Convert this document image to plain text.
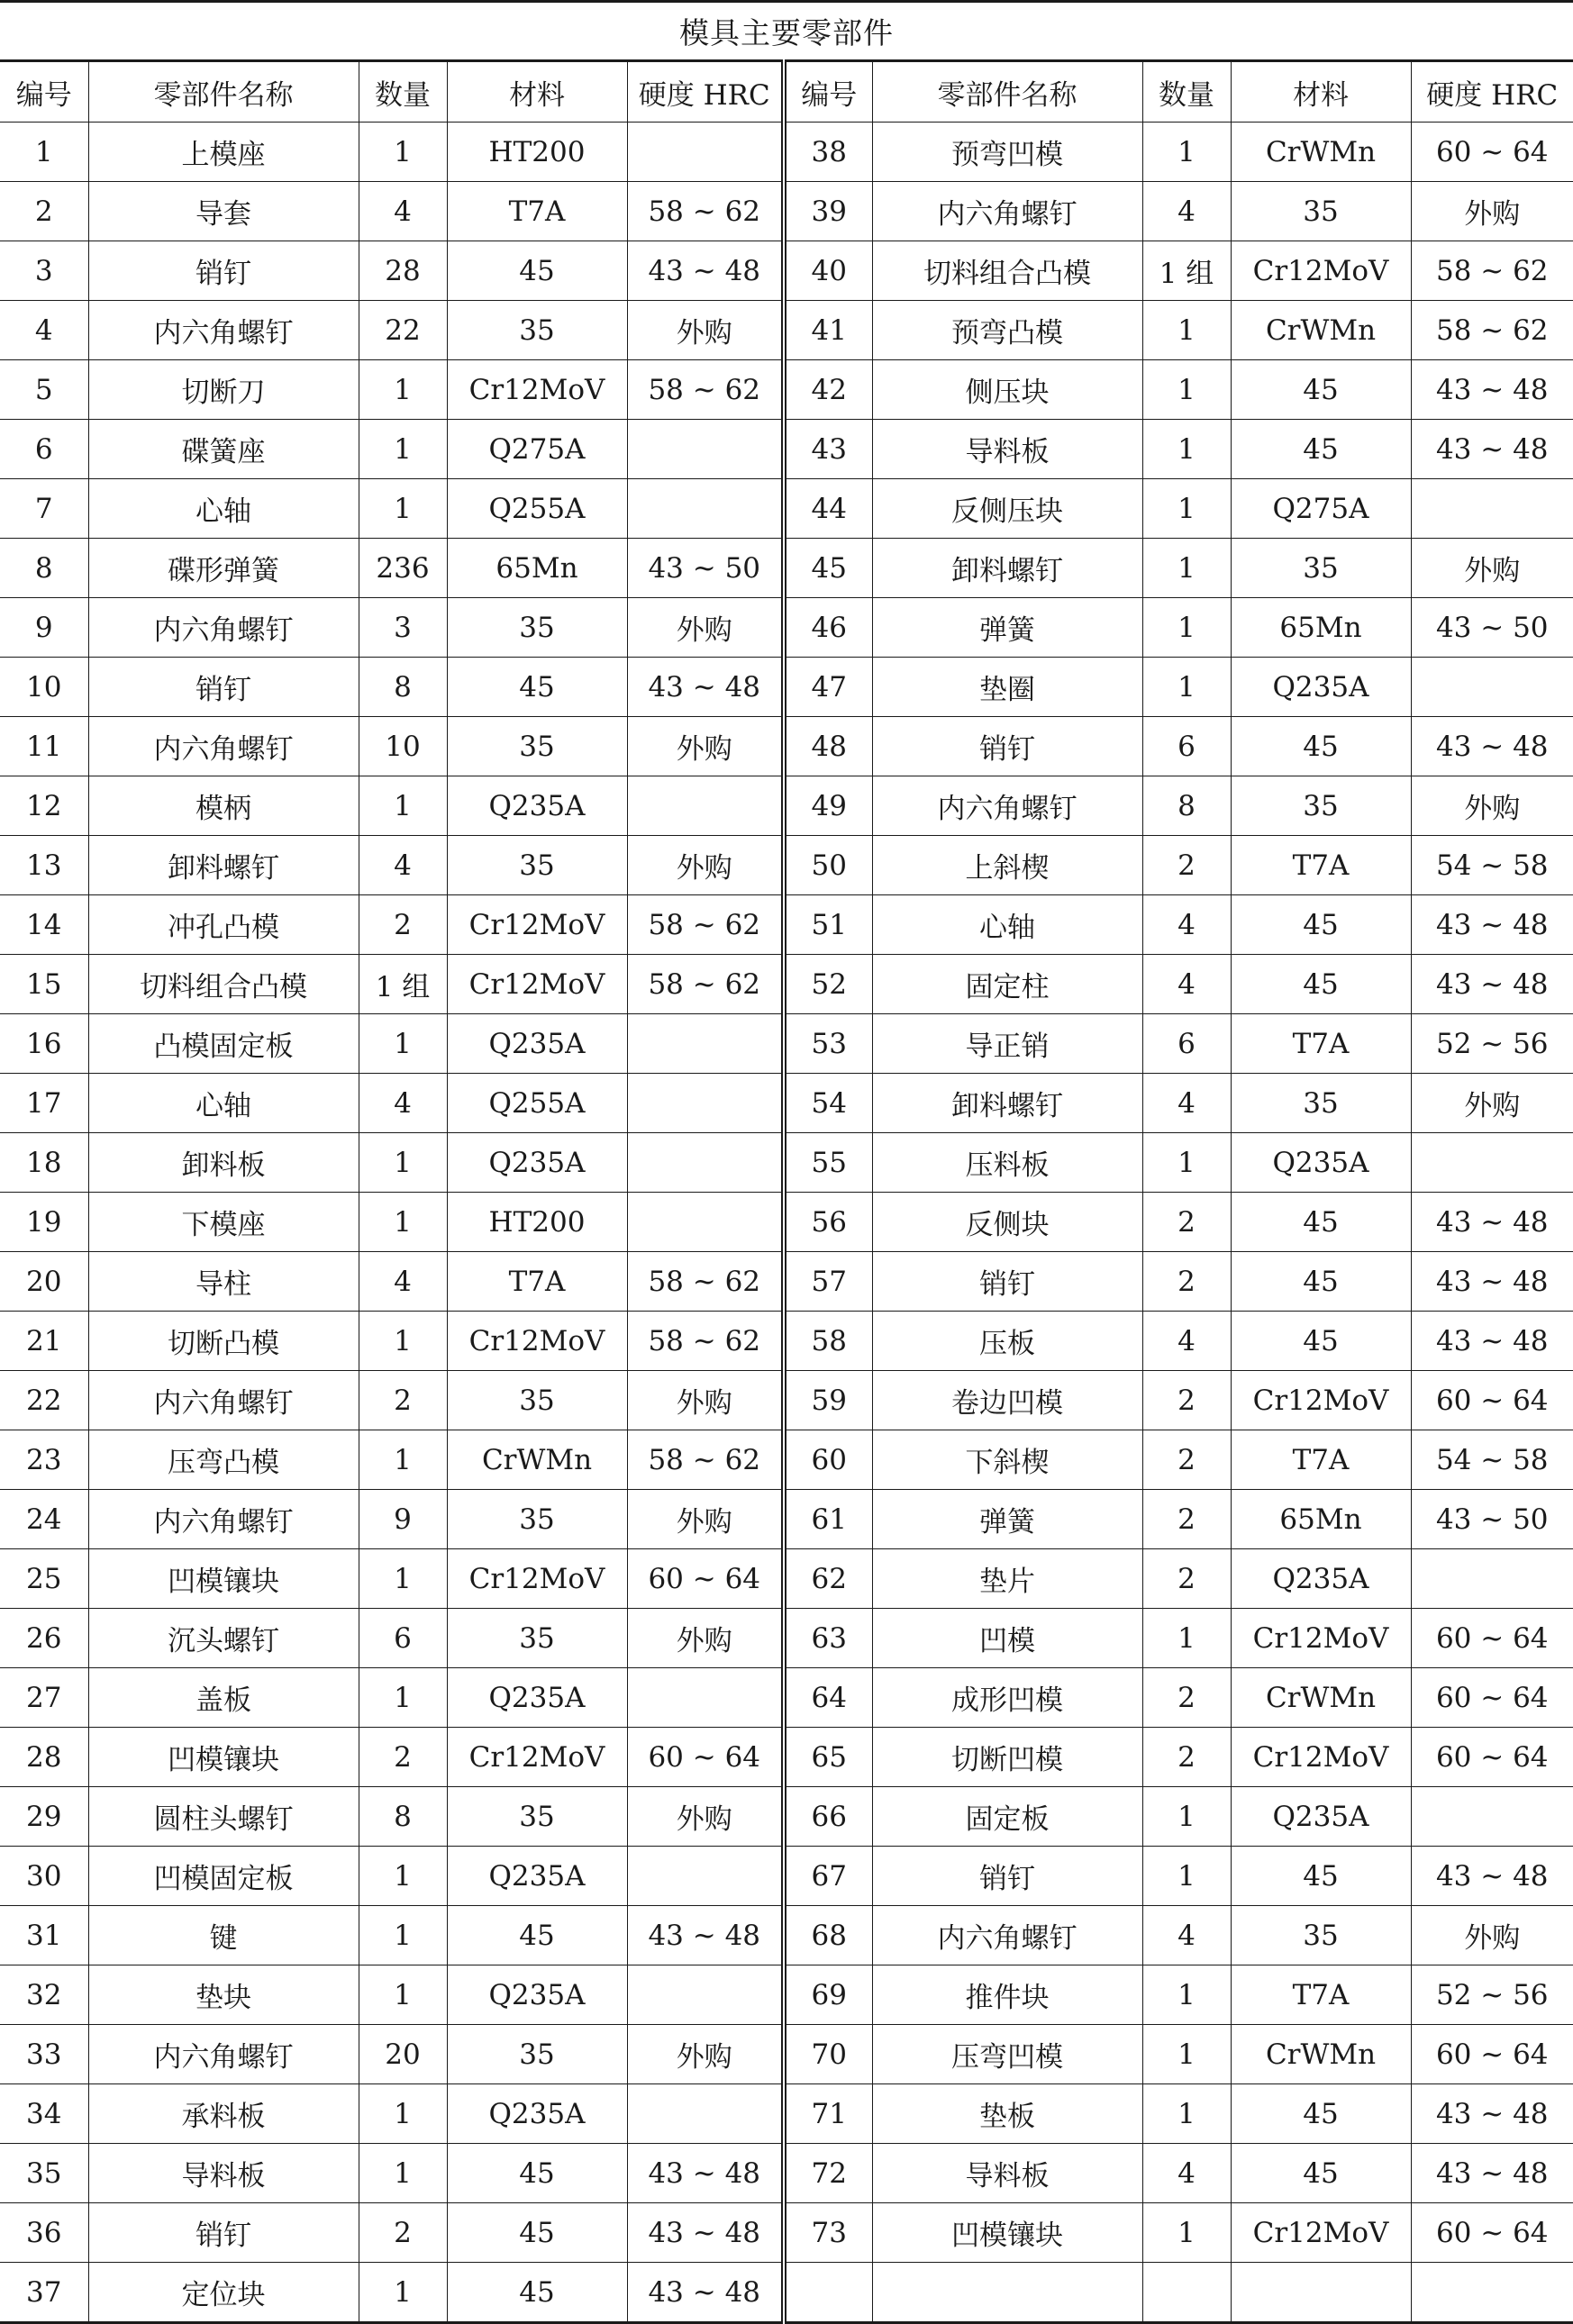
模具主要零部件
编号	零部件名称	数量	材料	硬度 HRC	编号	零部件名称	数量	材料	硬度 HRC
1	上模座	1	HT200		38	预弯凹模	1	CrWMn	60 ~ 64
2	导套	4	T7A	58 ~ 62	39	内六角螺钉	4	35	外购
3	销钉	28	45	43 ~ 48	40	切料组合凸模	1 组	Cr12MoV	58 ~ 62
4	内六角螺钉	22	35	外购	41	预弯凸模	1	CrWMn	58 ~ 62
5	切断刀	1	Cr12MoV	58 ~ 62	42	侧压块	1	45	43 ~ 48
6	碟簧座	1	Q275A		43	导料板	1	45	43 ~ 48
7	心轴	1	Q255A		44	反侧压块	1	Q275A	
8	碟形弹簧	236	65Mn	43 ~ 50	45	卸料螺钉	1	35	外购
9	内六角螺钉	3	35	外购	46	弹簧	1	65Mn	43 ~ 50
10	销钉	8	45	43 ~ 48	47	垫圈	1	Q235A	
11	内六角螺钉	10	35	外购	48	销钉	6	45	43 ~ 48
12	模柄	1	Q235A		49	内六角螺钉	8	35	外购
13	卸料螺钉	4	35	外购	50	上斜楔	2	T7A	54 ~ 58
14	冲孔凸模	2	Cr12MoV	58 ~ 62	51	心轴	4	45	43 ~ 48
15	切料组合凸模	1 组	Cr12MoV	58 ~ 62	52	固定柱	4	45	43 ~ 48
16	凸模固定板	1	Q235A		53	导正销	6	T7A	52 ~ 56
17	心轴	4	Q255A		54	卸料螺钉	4	35	外购
18	卸料板	1	Q235A		55	压料板	1	Q235A	
19	下模座	1	HT200		56	反侧块	2	45	43 ~ 48
20	导柱	4	T7A	58 ~ 62	57	销钉	2	45	43 ~ 48
21	切断凸模	1	Cr12MoV	58 ~ 62	58	压板	4	45	43 ~ 48
22	内六角螺钉	2	35	外购	59	卷边凹模	2	Cr12MoV	60 ~ 64
23	压弯凸模	1	CrWMn	58 ~ 62	60	下斜楔	2	T7A	54 ~ 58
24	内六角螺钉	9	35	外购	61	弹簧	2	65Mn	43 ~ 50
25	凹模镶块	1	Cr12MoV	60 ~ 64	62	垫片	2	Q235A	
26	沉头螺钉	6	35	外购	63	凹模	1	Cr12MoV	60 ~ 64
27	盖板	1	Q235A		64	成形凹模	2	CrWMn	60 ~ 64
28	凹模镶块	2	Cr12MoV	60 ~ 64	65	切断凹模	2	Cr12MoV	60 ~ 64
29	圆柱头螺钉	8	35	外购	66	固定板	1	Q235A	
30	凹模固定板	1	Q235A		67	销钉	1	45	43 ~ 48
31	键	1	45	43 ~ 48	68	内六角螺钉	4	35	外购
32	垫块	1	Q235A		69	推件块	1	T7A	52 ~ 56
33	内六角螺钉	20	35	外购	70	压弯凹模	1	CrWMn	60 ~ 64
34	承料板	1	Q235A		71	垫板	1	45	43 ~ 48
35	导料板	1	45	43 ~ 48	72	导料板	4	45	43 ~ 48
36	销钉	2	45	43 ~ 48	73	凹模镶块	1	Cr12MoV	60 ~ 64
37	定位块	1	45	43 ~ 48					
